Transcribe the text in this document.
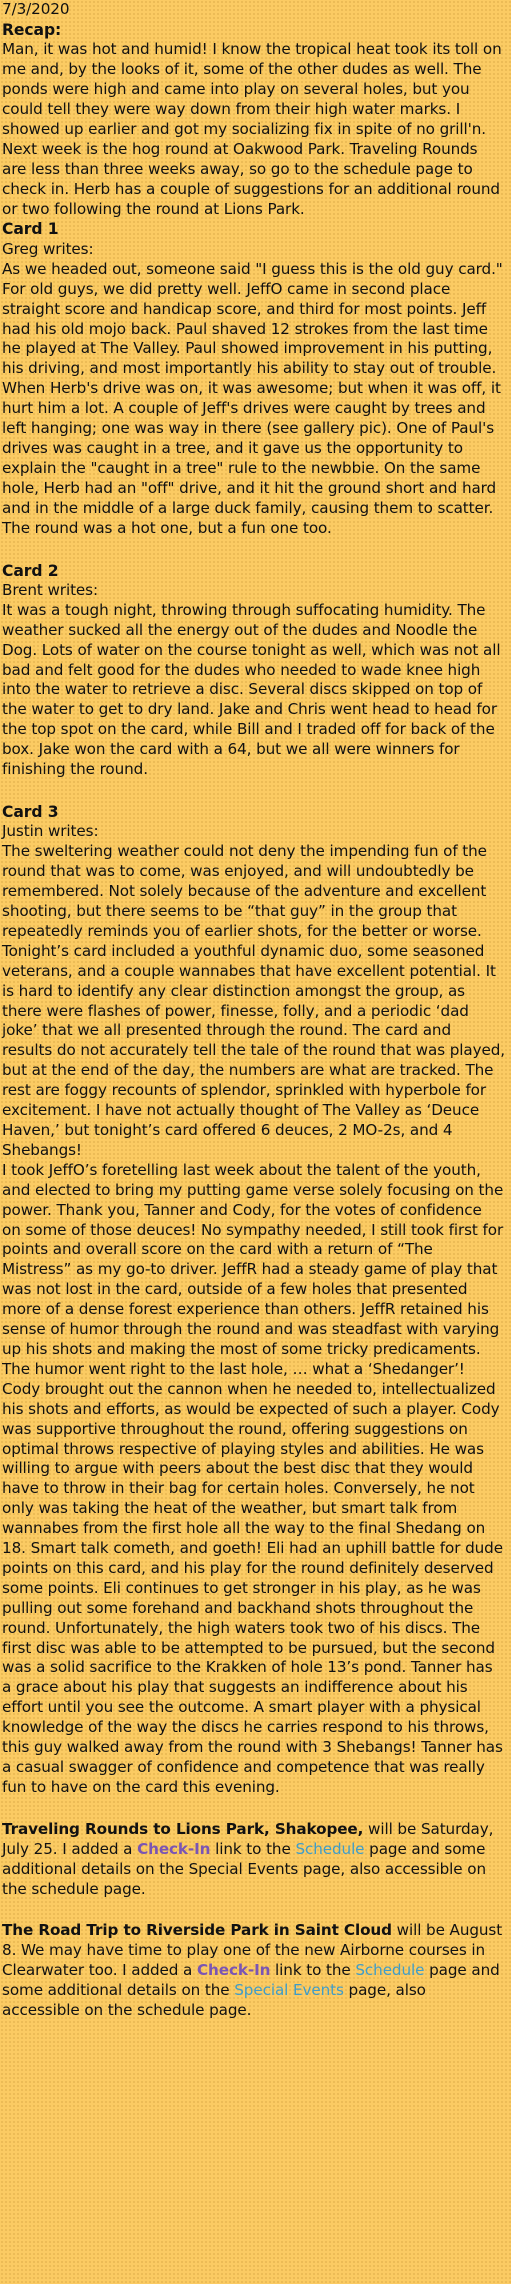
7/3/2020
Recap:

Man, it was hot and humid! I know the tropical heat took its toll on me and, by the looks of it, some of the other dudes as well. The ponds were high and came into play on several holes, but you could tell they were way down from their high water marks. I showed up earlier and got my socializing fix in spite of no grill'n. Next week is the hog round at Oakwood Park. Traveling Rounds are less than three weeks away, so go to the schedule page to check in. Herb has a couple of suggestions for an additional round or two following the round at Lions Park.

Card 1
Greg writes:

As we headed out, someone said "I guess this is the old guy card." For old guys, we did pretty well. JeffO came in second place straight score and handicap score, and third for most points. Jeff had his old mojo back. Paul shaved 12 strokes from the last time he played at The Valley. Paul showed improvement in his putting, his driving, and most importantly his ability to stay out of trouble. When Herb's drive was on, it was awesome; but when it was off, it hurt him a lot. A couple of Jeff's drives were caught by trees and left hanging; one was way in there (see gallery pic). One of Paul's drives was caught in a tree, and it gave us the opportunity to explain the "caught in a tree" rule to the newbbie. On the same hole, Herb had an "off" drive, and it hit the ground short and hard and in the middle of a large duck family, causing them to scatter. The round was a hot one, but a fun one too.

Card 2
Brent writes:

It was a tough night, throwing through suffocating humidity. The weather sucked all the energy out of the dudes and Noodle the Dog. Lots of water on the course tonight as well, which was not all bad and felt good for the dudes who needed to wade knee high into the water to retrieve a disc. Several discs skipped on top of the water to get to dry land. Jake and Chris went head to head for the top spot on the card, while Bill and I traded off for back of the box. Jake won the card with a 64, but we all were winners for finishing the round.

Card 3
Justin writes:

The sweltering weather could not deny the impending fun of the round that was to come, was enjoyed, and will undoubtedly be remembered. Not solely because of the adventure and excellent shooting, but there seems to be “that guy” in the group that repeatedly reminds you of earlier shots, for the better or worse. Tonight’s card included a youthful dynamic duo, some seasoned veterans, and a couple wannabes that have excellent potential. It is hard to identify any clear distinction amongst the group, as there were flashes of power, finesse, folly, and a periodic ‘dad joke’ that we all presented through the round. The card and results do not accurately tell the tale of the round that was played, but at the end of the day, the numbers are what are tracked. The rest are foggy recounts of splendor, sprinkled with hyperbole for excitement. I have not actually thought of The Valley as ‘Deuce Haven,’ but tonight’s card offered 6 deuces, 2 MO-2s, and 4 Shebangs!

I took JeffO’s foretelling last week about the talent of the youth, and elected to bring my putting game verse solely focusing on the power. Thank you, Tanner and Cody, for the votes of confidence on some of those deuces! No sympathy needed, I still took first for points and overall score on the card with a return of “The Mistress” as my go-to driver. JeffR had a steady game of play that was not lost in the card, outside of a few holes that presented more of a dense forest experience than others. JeffR retained his sense of humor through the round and was steadfast with varying up his shots and making the most of some tricky predicaments. The humor went right to the last hole, … what a ‘Shedanger’! Cody brought out the cannon when he needed to, intellectualized his shots and efforts, as would be expected of such a player. Cody was supportive throughout the round, offering suggestions on optimal throws respective of playing styles and abilities. He was willing to argue with peers about the best disc that they would have to throw in their bag for certain holes. Conversely, he not only was taking the heat of the weather, but smart talk from wannabes from the first hole all the way to the final Shedang on 18. Smart talk cometh, and goeth! Eli had an uphill battle for dude points on this card, and his play for the round definitely deserved some points. Eli continues to get stronger in his play, as he was pulling out some forehand and backhand shots throughout the round. Unfortunately, the high waters took two of his discs. The first disc was able to be attempted to be pursued, but the second was a solid sacrifice to the Krakken of hole 13’s pond. Tanner has a grace about his play that suggests an indifference about his effort until you see the outcome. A smart player with a physical knowledge of the way the discs he carries respond to his throws, this guy walked away from the round with 3 Shebangs! Tanner has a casual swagger of confidence and competence that was really fun to have on the card this evening.

Traveling Rounds to Lions Park, Shakopee, will be Saturday, July 25. I added a Check-In link to the Schedule page and some additional details on the Special Events page, also accessible on the schedule page.

The Road Trip to Riverside Park in Saint Cloud will be August 8. We may have time to play one of the new Airborne courses in Clearwater too. I added a Check-In link to the Schedule page and some additional details on the Special Events page, also accessible on the schedule page.
